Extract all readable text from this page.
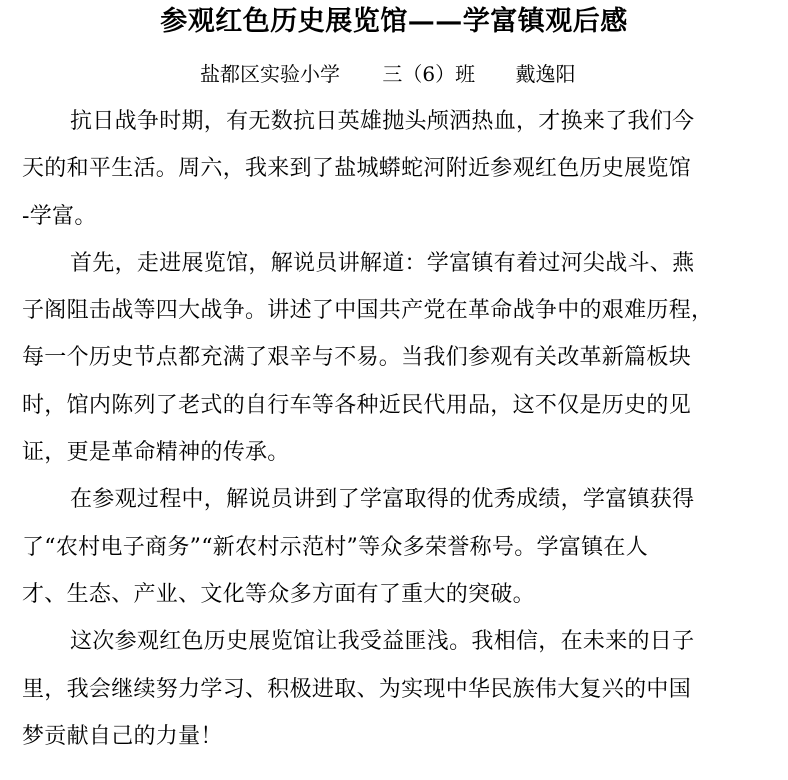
参观红色历史展览馆——学富镇观后感
盐都区实验小学 三（6）班 戴逸阳
抗日战争时期，有无数抗日英雄抛头颅洒热血，才换来了我们今
天的和平生活。周六，我来到了盐城蟒蛇河附近参观红色历史展览馆
-学富。
首先，走进展览馆，解说员讲解道：学富镇有着过河尖战斗、燕
子阁阻击战等四大战争。讲述了中国共产党在革命战争中的艰难历程，
每一个历史节点都充满了艰辛与不易。当我们参观有关改革新篇板块
时，馆内陈列了老式的自行车等各种近民代用品，这不仅是历史的见
证，更是革命精神的传承。
在参观过程中，解说员讲到了学富取得的优秀成绩，学富镇获得
了“农村电子商务”“新农村示范村”等众多荣誉称号。学富镇在人
才、生态、产业、文化等众多方面有了重大的突破。
这次参观红色历史展览馆让我受益匪浅。我相信，在未来的日子
里，我会继续努力学习、积极进取、为实现中华民族伟大复兴的中国
梦贡献自己的力量！
